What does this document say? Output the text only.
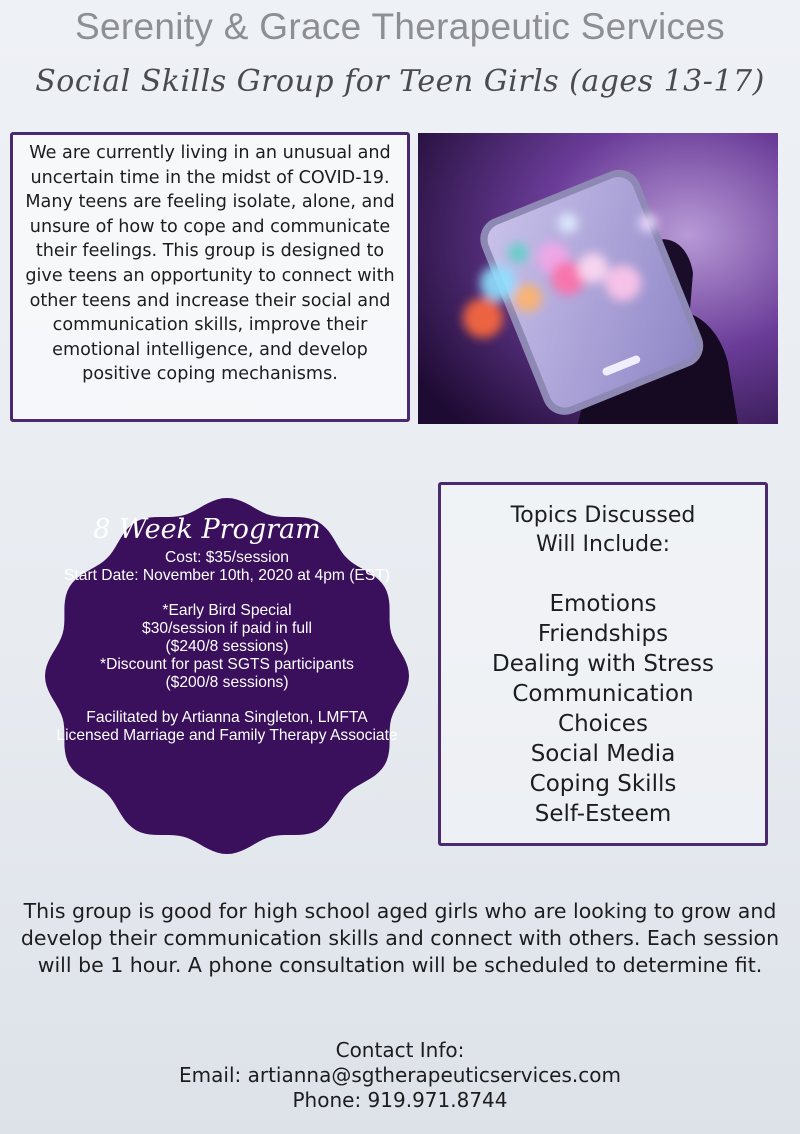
Serenity & Grace Therapeutic Services
Social Skills Group for Teen Girls (ages 13-17)

We are currently living in an unusual and uncertain time in the midst of COVID-19. Many teens are feeling isolate, alone, and unsure of how to cope and communicate their feelings. This group is designed to give teens an opportunity to connect with other teens and increase their social and communication skills, improve their emotional intelligence, and develop positive coping mechanisms.

8 Week Program
Cost: $35/session
Start Date: November 10th, 2020 at 4pm (EST)
*Early Bird Special
$30/session if paid in full
($240/8 sessions)
*Discount for past SGTS participants
($200/8 sessions)
Facilitated by Artianna Singleton, LMFTA
Licensed Marriage and Family Therapy Associate
Topics Discussed
Will Include:
Emotions
Friendships
Dealing with Stress
Communication
Choices
Social Media
Coping Skills
Self-Esteem

This group is good for high school aged girls who are looking to grow and develop their communication skills and connect with others. Each session will be 1 hour. A phone consultation will be scheduled to determine fit.

Contact Info:
Email: artianna@sgtherapeuticservices.com
Phone: 919.971.8744
